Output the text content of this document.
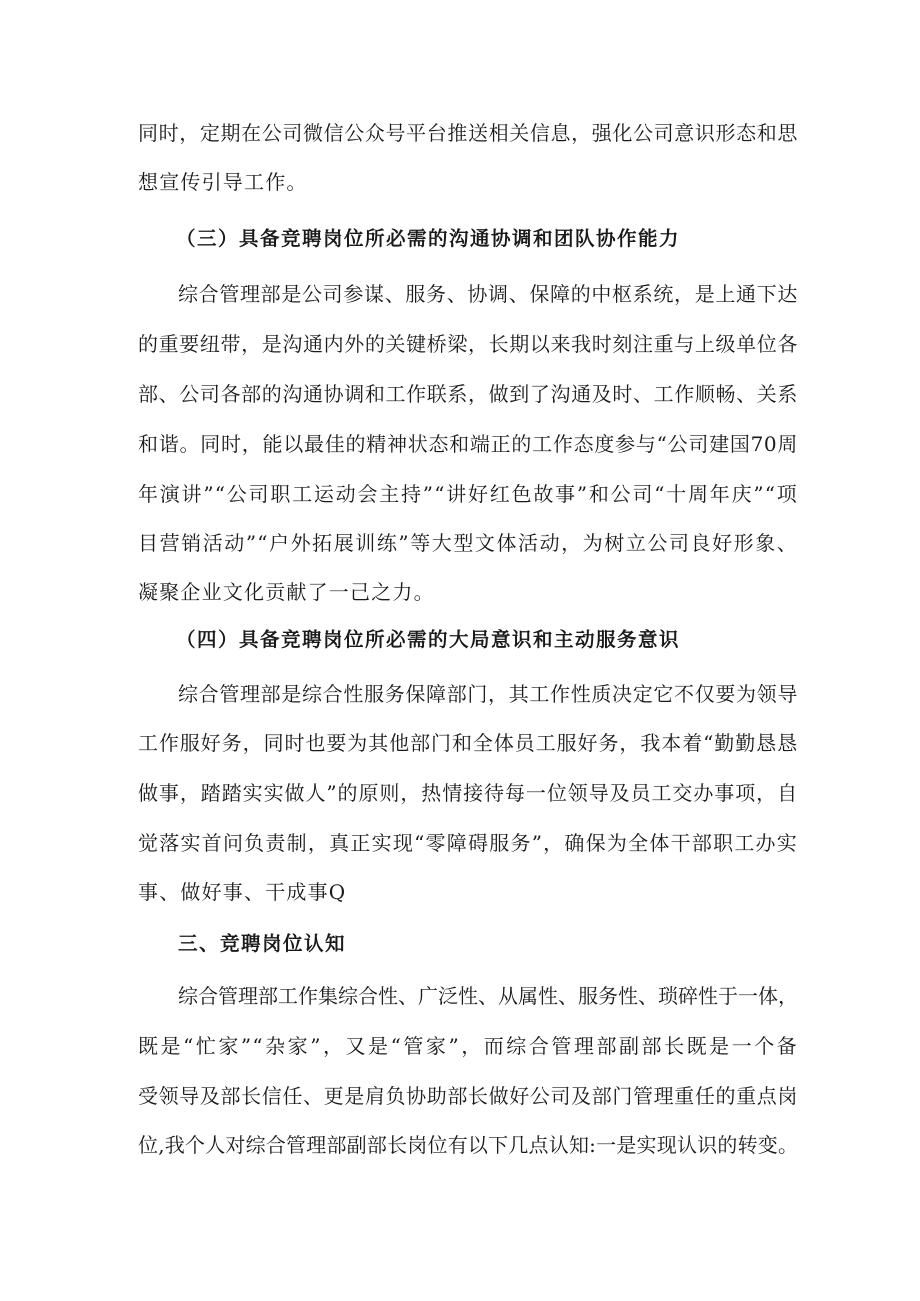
同时，定期在公司微信公众号平台推送相关信息，强化公司意识形态和思
想宣传引导工作。
（三）具备竞聘岗位所必需的沟通协调和团队协作能力
综合管理部是公司参谋、服务、协调、保障的中枢系统，是上通下达
的重要纽带，是沟通内外的关键桥梁，长期以来我时刻注重与上级单位各
部、公司各部的沟通协调和工作联系，做到了沟通及时、工作顺畅、关系
和谐。同时，能以最佳的精神状态和端正的工作态度参与“公司建国70周
年演讲”“公司职工运动会主持”“讲好红色故事”和公司“十周年庆”“项
目营销活动”“户外拓展训练”等大型文体活动，为树立公司良好形象、
凝聚企业文化贡献了一己之力。
（四）具备竞聘岗位所必需的大局意识和主动服务意识
综合管理部是综合性服务保障部门，其工作性质决定它不仅要为领导
工作服好务，同时也要为其他部门和全体员工服好务，我本着“勤勤恳恳
做事，踏踏实实做人”的原则，热情接待每一位领导及员工交办事项，自
觉落实首问负责制，真正实现“零障碍服务”，确保为全体干部职工办实
事、做好事、干成事Q
三、竞聘岗位认知
综合管理部工作集综合性、广泛性、从属性、服务性、琐碎性于一体，
既是“忙家”“杂家”，又是“管家”，而综合管理部副部长既是一个备
受领导及部长信任、更是肩负协助部长做好公司及部门管理重任的重点岗
位,我个人对综合管理部副部长岗位有以下几点认知:一是实现认识的转变。
